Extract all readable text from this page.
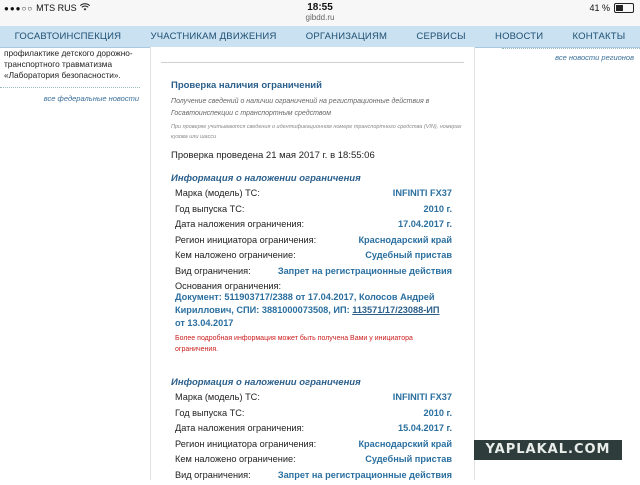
●●●○○ MTS RUS	18:55
gibdd.ru
41 %
ГОСАВТОИНСПЕКЦИЯ	УЧАСТНИКАМ ДВИЖЕНИЯ	ОРГАНИЗАЦИЯМ	СЕРВИСЫ	НОВОСТИ	КОНТАКТЫ
профилактике детского дорожно-транспортного травматизма «Лаборатория безопасности».
все федеральные новости
все новости регионов
Проверка наличия ограничений
Получение сведений о наличии ограничений на регистрационные действия в Госавтоинспекции с транспортным средством
При проверке учитываются сведения о идентификационном номере транспортного средства (VIN), номерах кузова или шасси
Проверка проведена 21 мая 2017 г. в 18:55:06
Информация о наложении ограничения
Марка (модель) ТС:	INFINITI FX37
Год выпуска ТС:	2010 г.
Дата наложения ограничения:	17.04.2017 г.
Регион инициатора ограничения:	Краснодарский край
Кем наложено ограничение:	Судебный пристав
Вид ограничения:	Запрет на регистрационные действия
Основания ограничения:
Документ: 511903717/2388 от 17.04.2017, Колосов Андрей Кириллович, СПИ: 3881000073508, ИП: 113571/17/23088-ИП от 13.04.2017
Более подробная информация может быть получена Вами у инициатора ограничения.
Информация о наложении ограничения
Марка (модель) ТС:	INFINITI FX37
Год выпуска ТС:	2010 г.
Дата наложения ограничения:	15.04.2017 г.
Регион инициатора ограничения:	Краснодарский край
Кем наложено ограничение:	Судебный пристав
Вид ограничения:	Запрет на регистрационные действия
YAPLAKAL.COM
